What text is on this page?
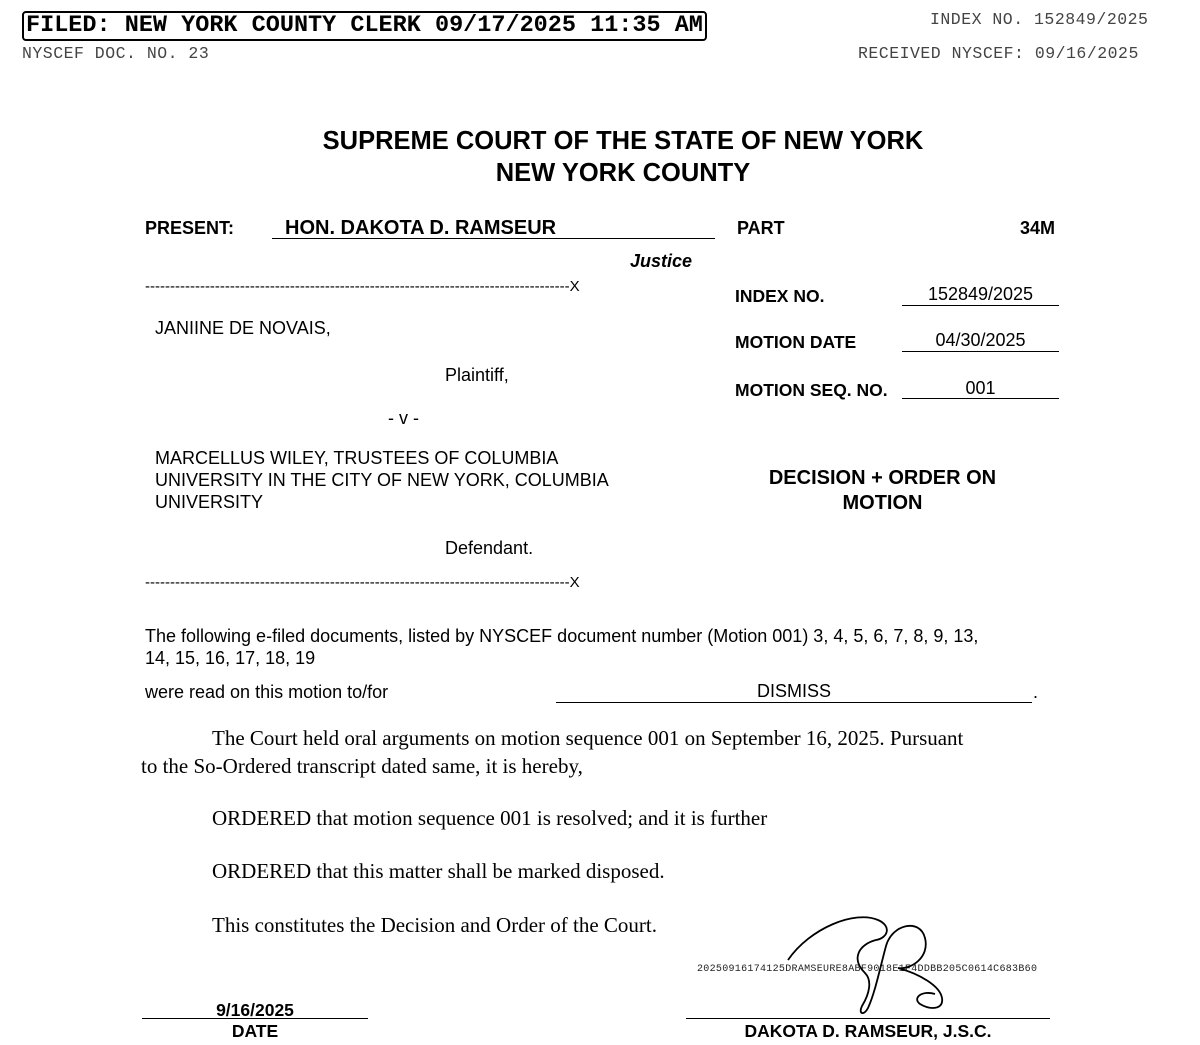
FILED: NEW YORK COUNTY CLERK 09/17/2025 11:35 AM	INDEX NO. 152849/2025
NYSCEF DOC. NO. 23	RECEIVED NYSCEF: 09/16/2025
SUPREME COURT OF THE STATE OF NEW YORK
NEW YORK COUNTY
PRESENT:	HON. DAKOTA D. RAMSEUR
Justice
PART	34M
-------------------------------------------------------------------------------------X
-------------------------------------------------------------------------------------X
INDEX NO.	152849/2025
MOTION DATE	04/30/2025
MOTION SEQ. NO.	001
JANIINE DE NOVAIS,
Plaintiff,
- v -
MARCELLUS WILEY, TRUSTEES OF COLUMBIA
UNIVERSITY IN THE CITY OF NEW YORK, COLUMBIA
UNIVERSITY
Defendant.
DECISION + ORDER ON
MOTION
The following e-filed documents, listed by NYSCEF document number (Motion 001) 3, 4, 5, 6, 7, 8, 9, 13,
14, 15, 16, 17, 18, 19
were read on this motion to/for	DISMISS	.
The Court held oral arguments on motion sequence 001 on September 16, 2025. Pursuant
to the So-Ordered transcript dated same, it is hereby,
ORDERED that motion sequence 001 is resolved; and it is further
ORDERED that this matter shall be marked disposed.
This constitutes the Decision and Order of the Court.
20250916174125DRAMSEURE8ABF9018E1F4DDBB205C0614C683B60
9/16/2025
DATE	DAKOTA D. RAMSEUR, J.S.C.
